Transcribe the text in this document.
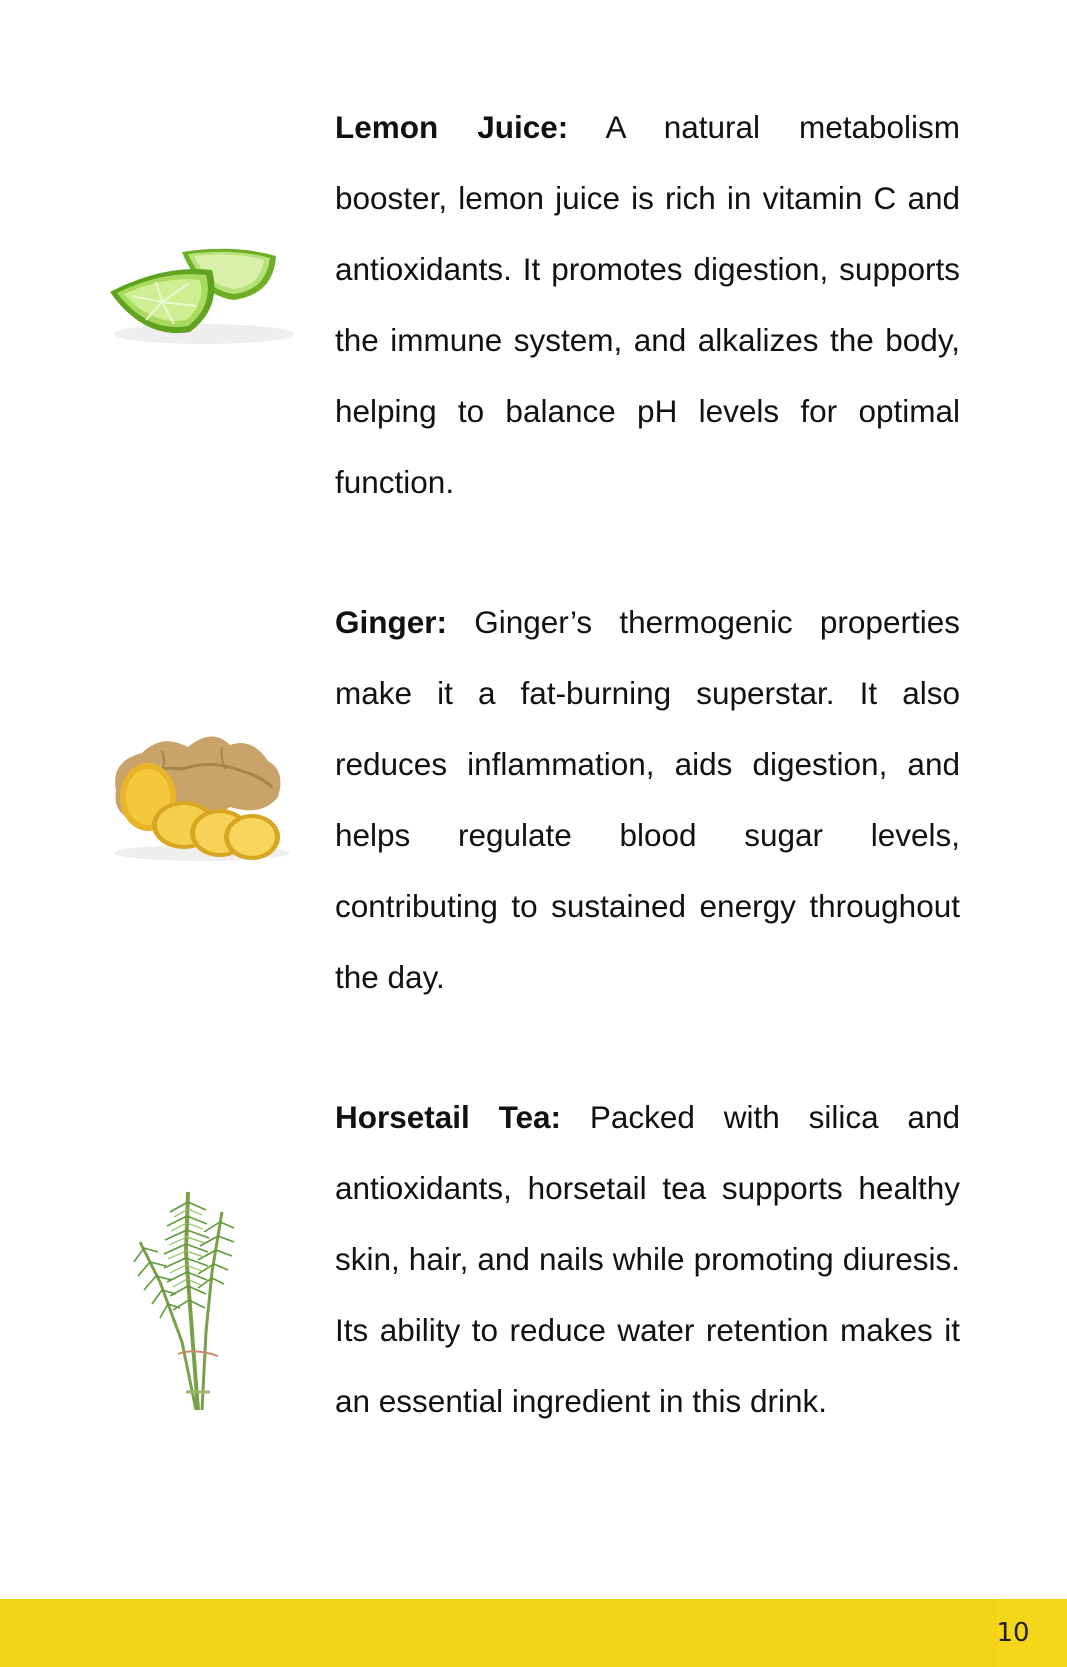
Lemon Juice: A natural metabolism booster, lemon juice is rich in vitamin C and antioxidants. It promotes digestion, supports the immune system, and alkalizes the body, helping to balance pH levels for optimal function.

Ginger: Ginger’s thermogenic properties make it a fat-burning superstar. It also reduces inflammation, aids digestion, and helps regulate blood sugar levels, contributing to sustained energy throughout the day.

Horsetail Tea: Packed with silica and antioxidants, horsetail tea supports healthy skin, hair, and nails while promoting diuresis. Its ability to reduce water retention makes it an essential ingredient in this drink.

10
